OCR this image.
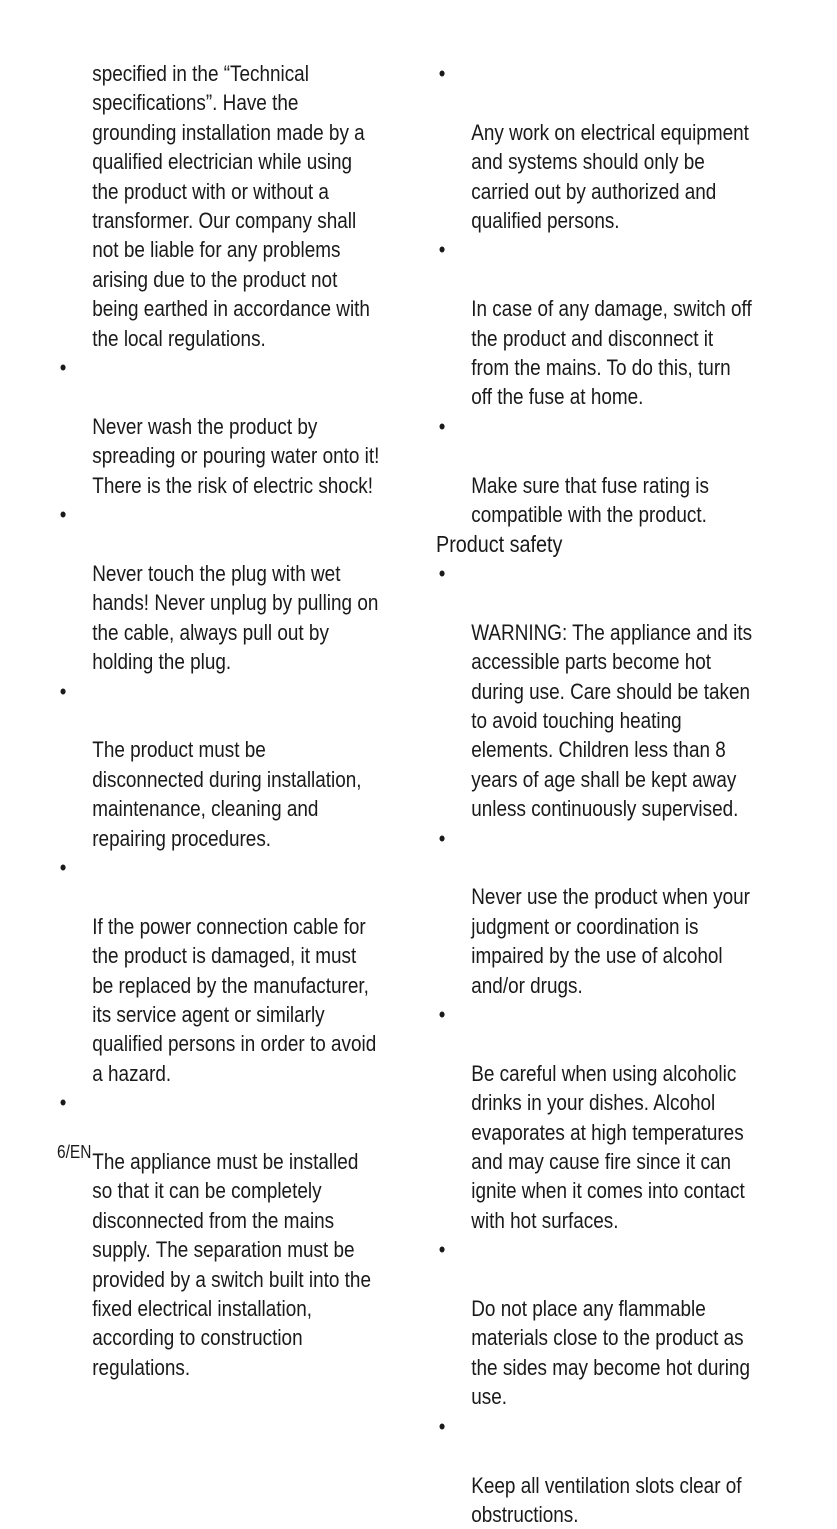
specified in the “Technical
specifications”. Have the
grounding installation made by a
qualified electrician while using
the product with or without a
transformer. Our company shall
not be liable for any problems
arising due to the product not
being earthed in accordance with
the local regulations.

•

Never wash the product by
spreading or pouring water onto it!
There is the risk of electric shock!

•

Never touch the plug with wet
hands! Never unplug by pulling on
the cable, always pull out by
holding the plug.

•

The product must be
disconnected during installation,
maintenance, cleaning and
repairing procedures.

•

If the power connection cable for
the product is damaged, it must
be replaced by the manufacturer,
its service agent or similarly
qualified persons in order to avoid
a hazard.

•

The appliance must be installed
so that it can be completely
disconnected from the mains
supply. The separation must be
provided by a switch built into the
fixed electrical installation,
according to construction
regulations.

•

Any work on electrical equipment
and systems should only be
carried out by authorized and
qualified persons.

•

In case of any damage, switch off
the product and disconnect it
from the mains. To do this, turn
off the fuse at home.

•

Make sure that fuse rating is
compatible with the product.

Product safety

•

WARNING: The appliance and its
accessible parts become hot
during use. Care should be taken
to avoid touching heating
elements. Children less than 8
years of age shall be kept away
unless continuously supervised.

•

Never use the product when your
judgment or coordination is
impaired by the use of alcohol
and/or drugs.

•

Be careful when using alcoholic
drinks in your dishes. Alcohol
evaporates at high temperatures
and may cause fire since it can
ignite when it comes into contact
with hot surfaces.

•

Do not place any flammable
materials close to the product as
the sides may become hot during
use.

•

Keep all ventilation slots clear of
obstructions.

6/EN
